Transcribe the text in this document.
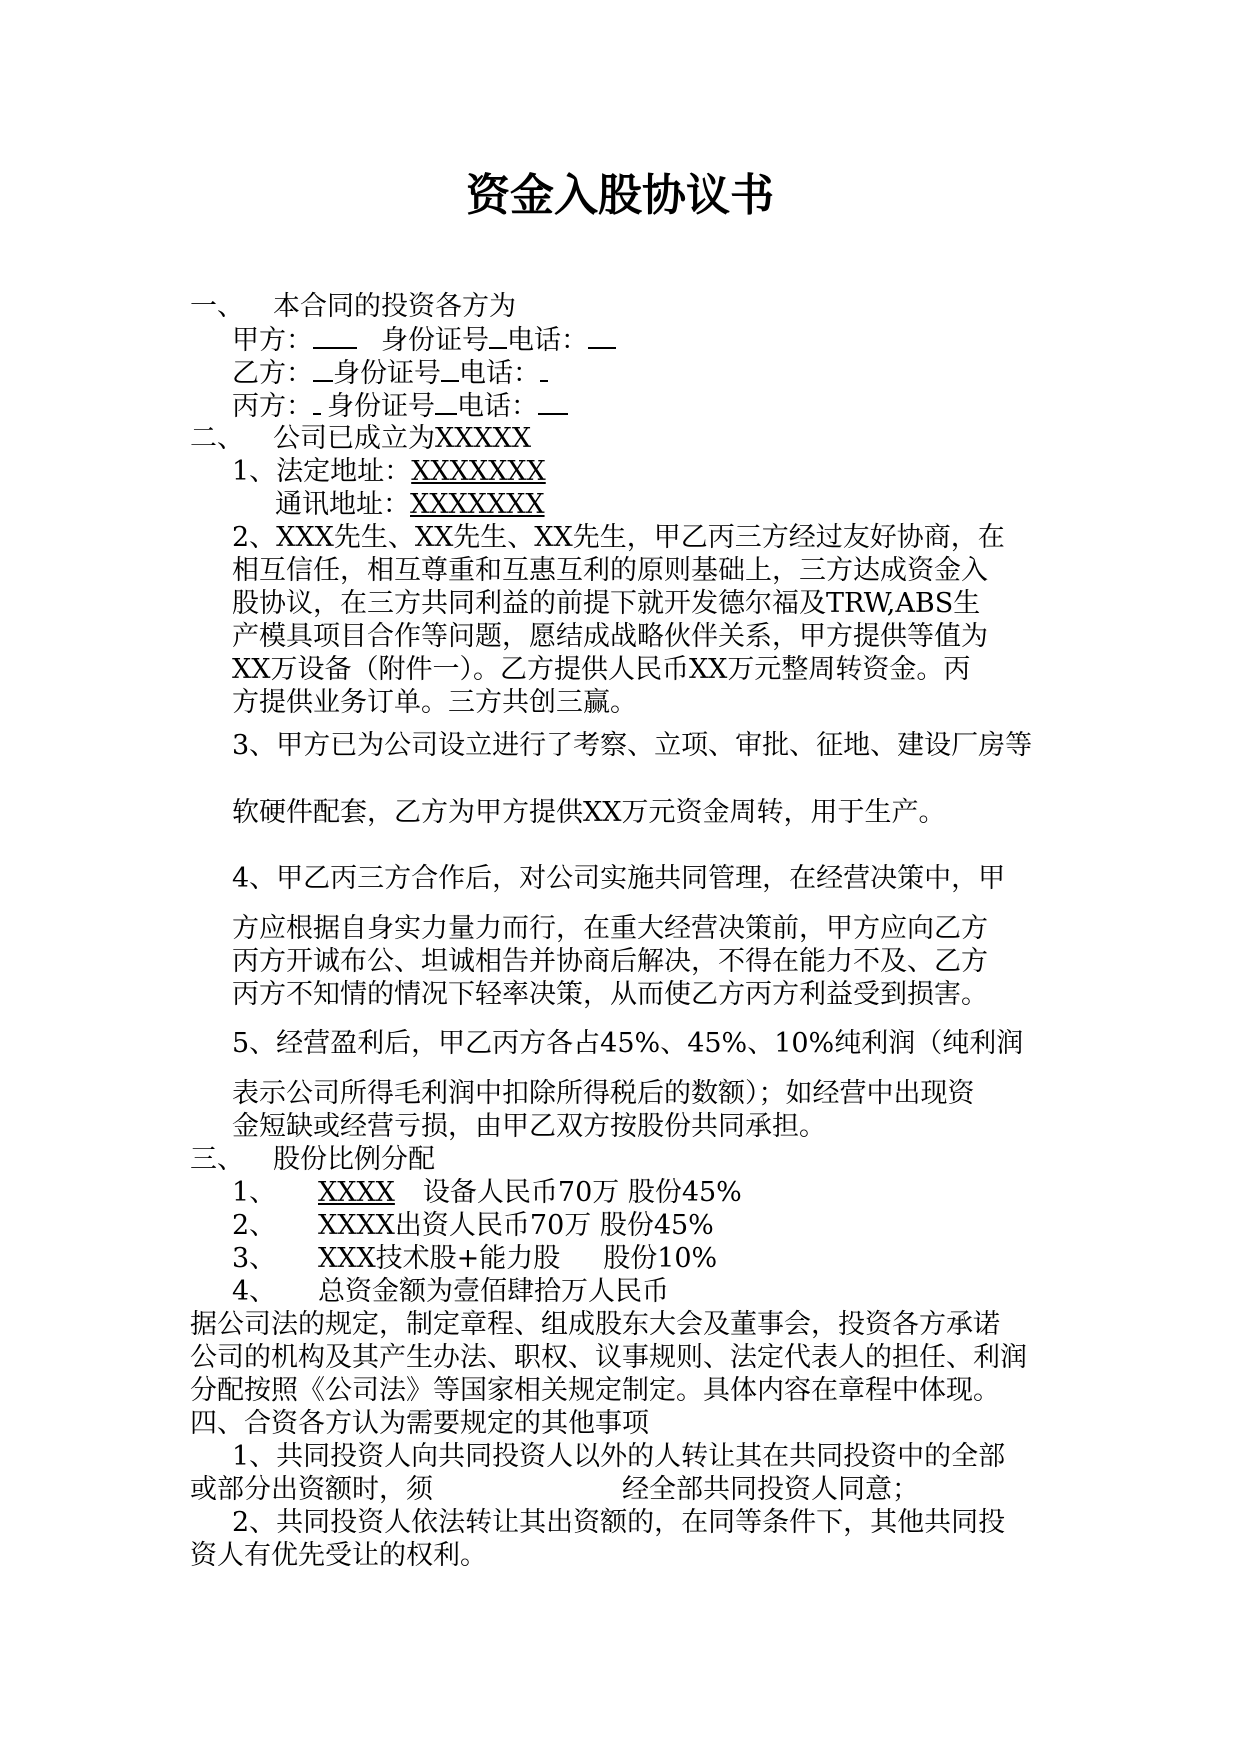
资金入股协议书
一、 本合同的投资各方为
甲方：	身份证号 电话：
乙方： 身份证号 电话：
丙方： 身份证号 电话：
二、 公司已成立为XXXXX
1、法定地址：XXXXXXX
通讯地址：XXXXXXX
2、XXX先生、XX先生、XX先生，甲乙丙三方经过友好协商，在
相互信任，相互尊重和互惠互利的原则基础上，三方达成资金入
股协议，在三方共同利益的前提下就开发德尔福及TRW,ABS生
产模具项目合作等问题，愿结成战略伙伴关系，甲方提供等值为
XX万设备（附件一）。乙方提供人民币XX万元整周转资金。丙
方提供业务订单。三方共创三赢。
3、甲方已为公司设立进行了考察、立项、审批、征地、建设厂房等
软硬件配套，乙方为甲方提供XX万元资金周转，用于生产。
4、甲乙丙三方合作后，对公司实施共同管理，在经营决策中，甲
方应根据自身实力量力而行，在重大经营决策前，甲方应向乙方
丙方开诚布公、坦诚相告并协商后解决，不得在能力不及、乙方
丙方不知情的情况下轻率决策，从而使乙方丙方利益受到损害。
5、经营盈利后，甲乙丙方各占45%、45%、10%纯利润（纯利润
表示公司所得毛利润中扣除所得税后的数额）；如经营中出现资
金短缺或经营亏损，由甲乙双方按股份共同承担。
三、 股份比例分配
1、 XXXX 设备人民币70万 股份45%
2、 XXXX出资人民币70万 股份45%
3、 XXX技术股+能力股     股份10%
4、 总资金额为壹佰肆拾万人民币
据公司法的规定，制定章程、组成股东大会及董事会，投资各方承诺
公司的机构及其产生办法、职权、议事规则、法定代表人的担任、利润
分配按照《公司法》等国家相关规定制定。具体内容在章程中体现。
四、合资各方认为需要规定的其他事项
1、共同投资人向共同投资人以外的人转让其在共同投资中的全部
或部分出资额时，须	经全部共同投资人同意；
2、共同投资人依法转让其出资额的，在同等条件下，其他共同投
资人有优先受让的权利。
